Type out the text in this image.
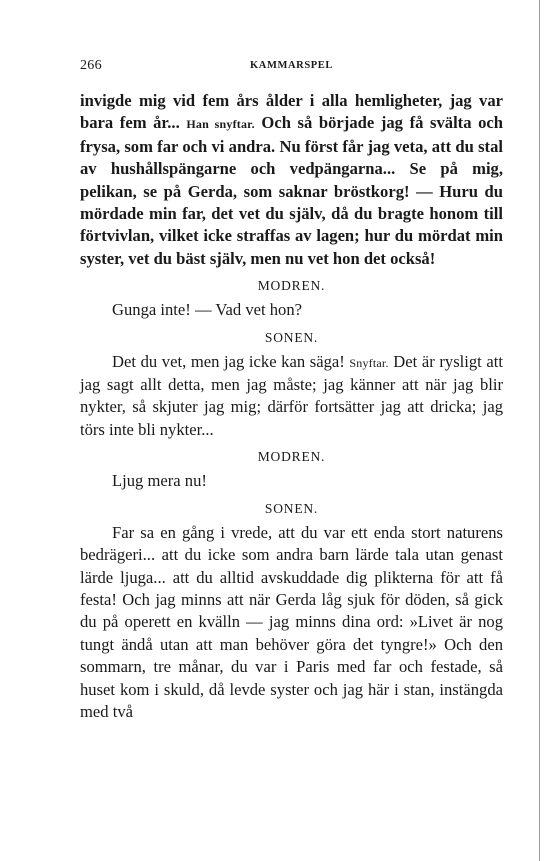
266	KAMMARSPEL

invigde mig vid fem års ålder i alla hemligheter, jag var bara fem år... Han snyftar. Och så började jag få svälta och frysa, som far och vi andra. Nu först får jag veta, att du stal av hushållspängarne och vedpängarna... Se på mig, pelikan, se på Gerda, som saknar bröstkorg! — Huru du mördade min far, det vet du själv, då du bragte honom till förtvivlan, vilket icke straffas av lagen; hur du mördat min syster, vet du bäst själv, men nu vet hon det också!

MODREN.

Gunga inte! — Vad vet hon?

SONEN.

Det du vet, men jag icke kan säga! Snyftar. Det är rysligt att jag sagt allt detta, men jag måste; jag känner att när jag blir nykter, så skjuter jag mig; därför fortsätter jag att dricka; jag törs inte bli nykter...

MODREN.

Ljug mera nu!

SONEN.

Far sa en gång i vrede, att du var ett enda stort naturens bedrägeri... att du icke som andra barn lärde tala utan genast lärde ljuga... att du alltid avskuddade dig plikterna för att få festa! Och jag minns att när Gerda låg sjuk för döden, så gick du på operett en kvälln — jag minns dina ord: »Livet är nog tungt ändå utan att man behöver göra det tyngre!» Och den sommarn, tre månar, du var i Paris med far och festade, så huset kom i skuld, då levde syster och jag här i stan, instängda med två
